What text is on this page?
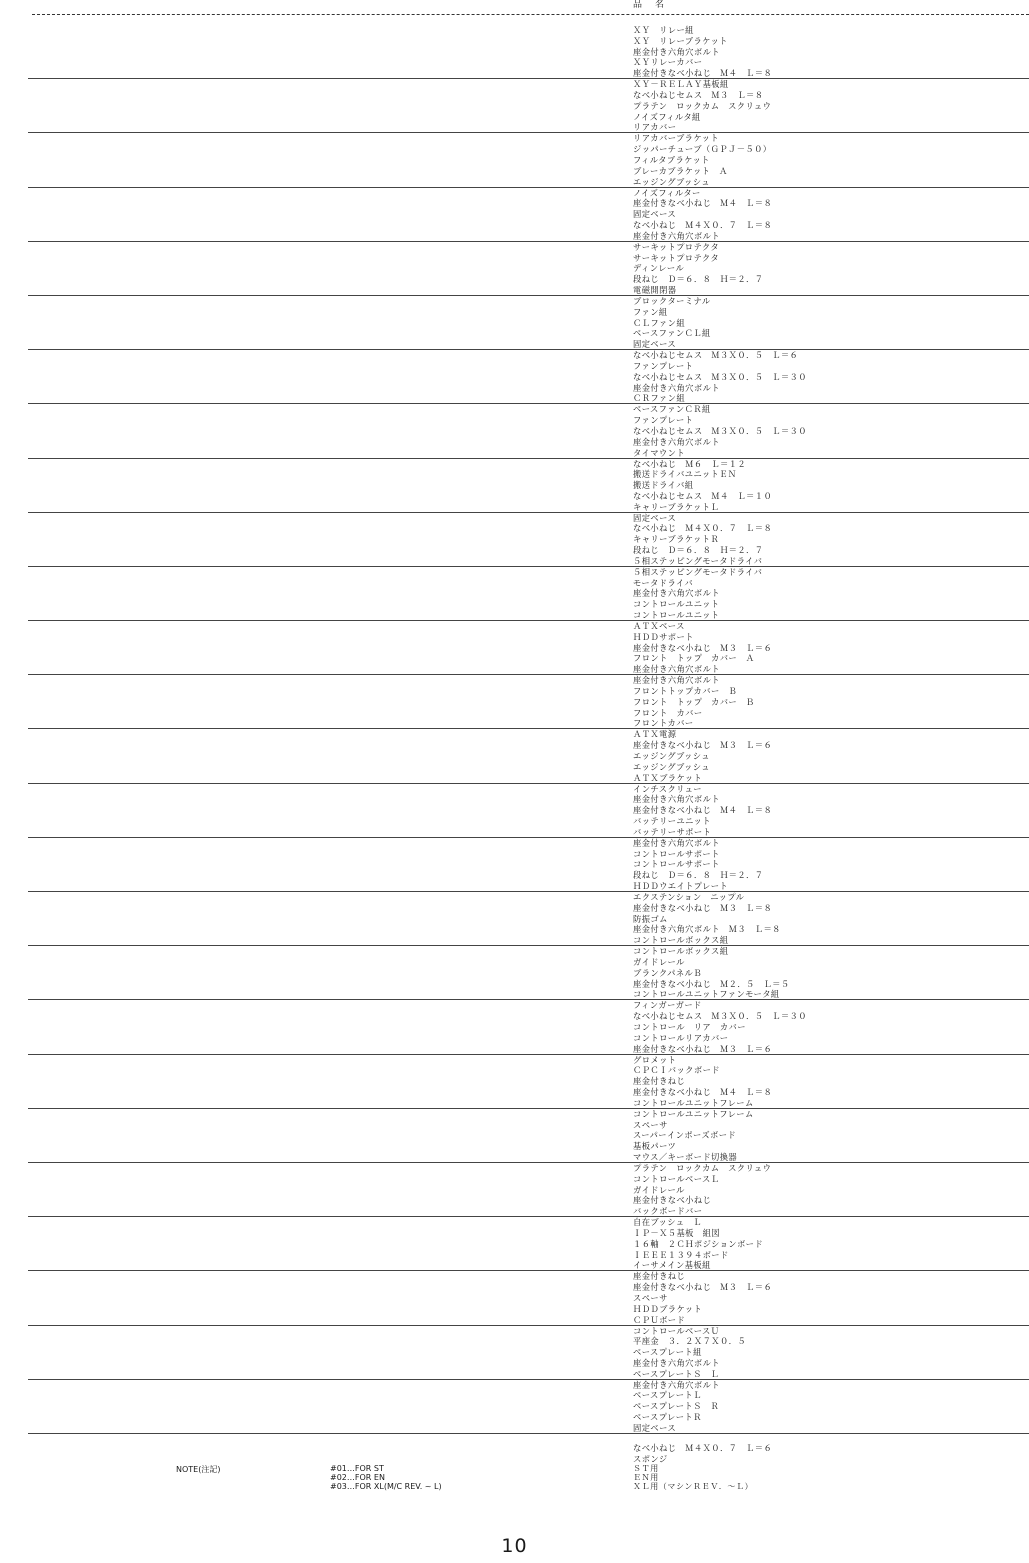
品　名
ＸＹ　リレー組
ＸＹ　リレーブラケット
座金付き六角穴ボルト
ＸＹリレーカバー
座金付きなべ小ねじ　Ｍ４　Ｌ＝８
ＸＹ－ＲＥＬＡＹ基板組
なべ小ねじセムス　Ｍ３　Ｌ＝８
プラテン　ロックカム　スクリュウ
ノイズフィルタ組
リアカバー
リアカバーブラケット
ジッパーチューブ（ＧＰＪ－５０）
フィルタブラケット
ブレーカブラケット　Ａ
エッジングブッシュ
ノイズフィルター
座金付きなべ小ねじ　Ｍ４　Ｌ＝８
固定ベース
なべ小ねじ　Ｍ４Ｘ０．７　Ｌ＝８
座金付き六角穴ボルト
サーキットプロテクタ
サーキットプロテクタ
ディンレール
段ねじ　Ｄ＝６．８　Ｈ＝２．７
電磁開閉器
ブロックターミナル
ファン組
ＣＬファン組
ベースファンＣＬ組
固定ベース
なべ小ねじセムス　Ｍ３Ｘ０．５　Ｌ＝６
ファンプレート
なべ小ねじセムス　Ｍ３Ｘ０．５　Ｌ＝３０
座金付き六角穴ボルト
ＣＲファン組
ベースファンＣＲ組
ファンプレート
なべ小ねじセムス　Ｍ３Ｘ０．５　Ｌ＝３０
座金付き六角穴ボルト
タイマウント
なべ小ねじ　Ｍ６　Ｌ＝１２
搬送ドライバユニットＥＮ
搬送ドライバ組
なべ小ねじセムス　Ｍ４　Ｌ＝１０
キャリーブラケットＬ
固定ベース
なべ小ねじ　Ｍ４Ｘ０．７　Ｌ＝８
キャリーブラケットＲ
段ねじ　Ｄ＝６．８　Ｈ＝２．７
５相ステッピングモータドライバ
５相ステッピングモータドライバ
モータドライバ
座金付き六角穴ボルト
コントロールユニット
コントロールユニット
ＡＴＸベース
ＨＤＤサポート
座金付きなべ小ねじ　Ｍ３　Ｌ＝６
フロント　トップ　カバー　Ａ
座金付き六角穴ボルト
座金付き六角穴ボルト
フロントトップカバー　Ｂ
フロント　トップ　カバー　Ｂ
フロント　カバー
フロントカバー
ＡＴＸ電源
座金付きなべ小ねじ　Ｍ３　Ｌ＝６
エッジングブッシュ
エッジングブッシュ
ＡＴＸブラケット
インチスクリュー
座金付き六角穴ボルト
座金付きなべ小ねじ　Ｍ４　Ｌ＝８
バッテリーユニット
バッテリーサポート
座金付き六角穴ボルト
コントロールサポート
コントロールサポート
段ねじ　Ｄ＝６．８　Ｈ＝２．７
ＨＤＤウエイトプレート
エクステンション　ニップル
座金付きなべ小ねじ　Ｍ３　Ｌ＝８
防振ゴム
座金付き六角穴ボルト　Ｍ３　Ｌ＝８
コントロールボックス組
コントロールボックス組
ガイドレール
ブランクパネルＢ
座金付きなべ小ねじ　Ｍ２．５　Ｌ＝５
コントロールユニットファンモータ組
フィンガーガード
なべ小ねじセムス　Ｍ３Ｘ０．５　Ｌ＝３０
コントロール　リア　カバー
コントロールリアカバー
座金付きなべ小ねじ　Ｍ３　Ｌ＝６
グロメット
ＣＰＣＩバックボード
座金付きねじ
座金付きなべ小ねじ　Ｍ４　Ｌ＝８
コントロールユニットフレーム
コントロールユニットフレーム
スペーサ
スーパーインポーズボード
基板パーツ
マウス／キーボード切換器
プラテン　ロックカム　スクリュウ
コントロールベースＬ
ガイドレール
座金付きなべ小ねじ
バックボードバー
自在ブッシュ　Ｌ
ＩＰ－Ｘ５基板　組図
１６軸　２ＣＨポジションボード
ＩＥＥＥ１３９４ボード
イーサメイン基板組
座金付きねじ
座金付きなべ小ねじ　Ｍ３　Ｌ＝６
スペーサ
ＨＤＤブラケット
ＣＰＵボード
コントロールベースＵ
平座金　３．２Ｘ７Ｘ０．５
ベースプレート組
座金付き六角穴ボルト
ベースプレートＳ　Ｌ
座金付き六角穴ボルト
ベースプレートＬ
ベースプレートＳ　Ｒ
ベースプレートＲ
固定ベース
なべ小ねじ　Ｍ４Ｘ０．７　Ｌ＝６
スポンジ
NOTE(注記)	#01…FOR ST
#02…FOR EN
#03…FOR XL(M/C REV. ~ L)
ＳＴ用
ＥＮ用
ＸＬ用（マシンＲＥＶ．～Ｌ）
10
